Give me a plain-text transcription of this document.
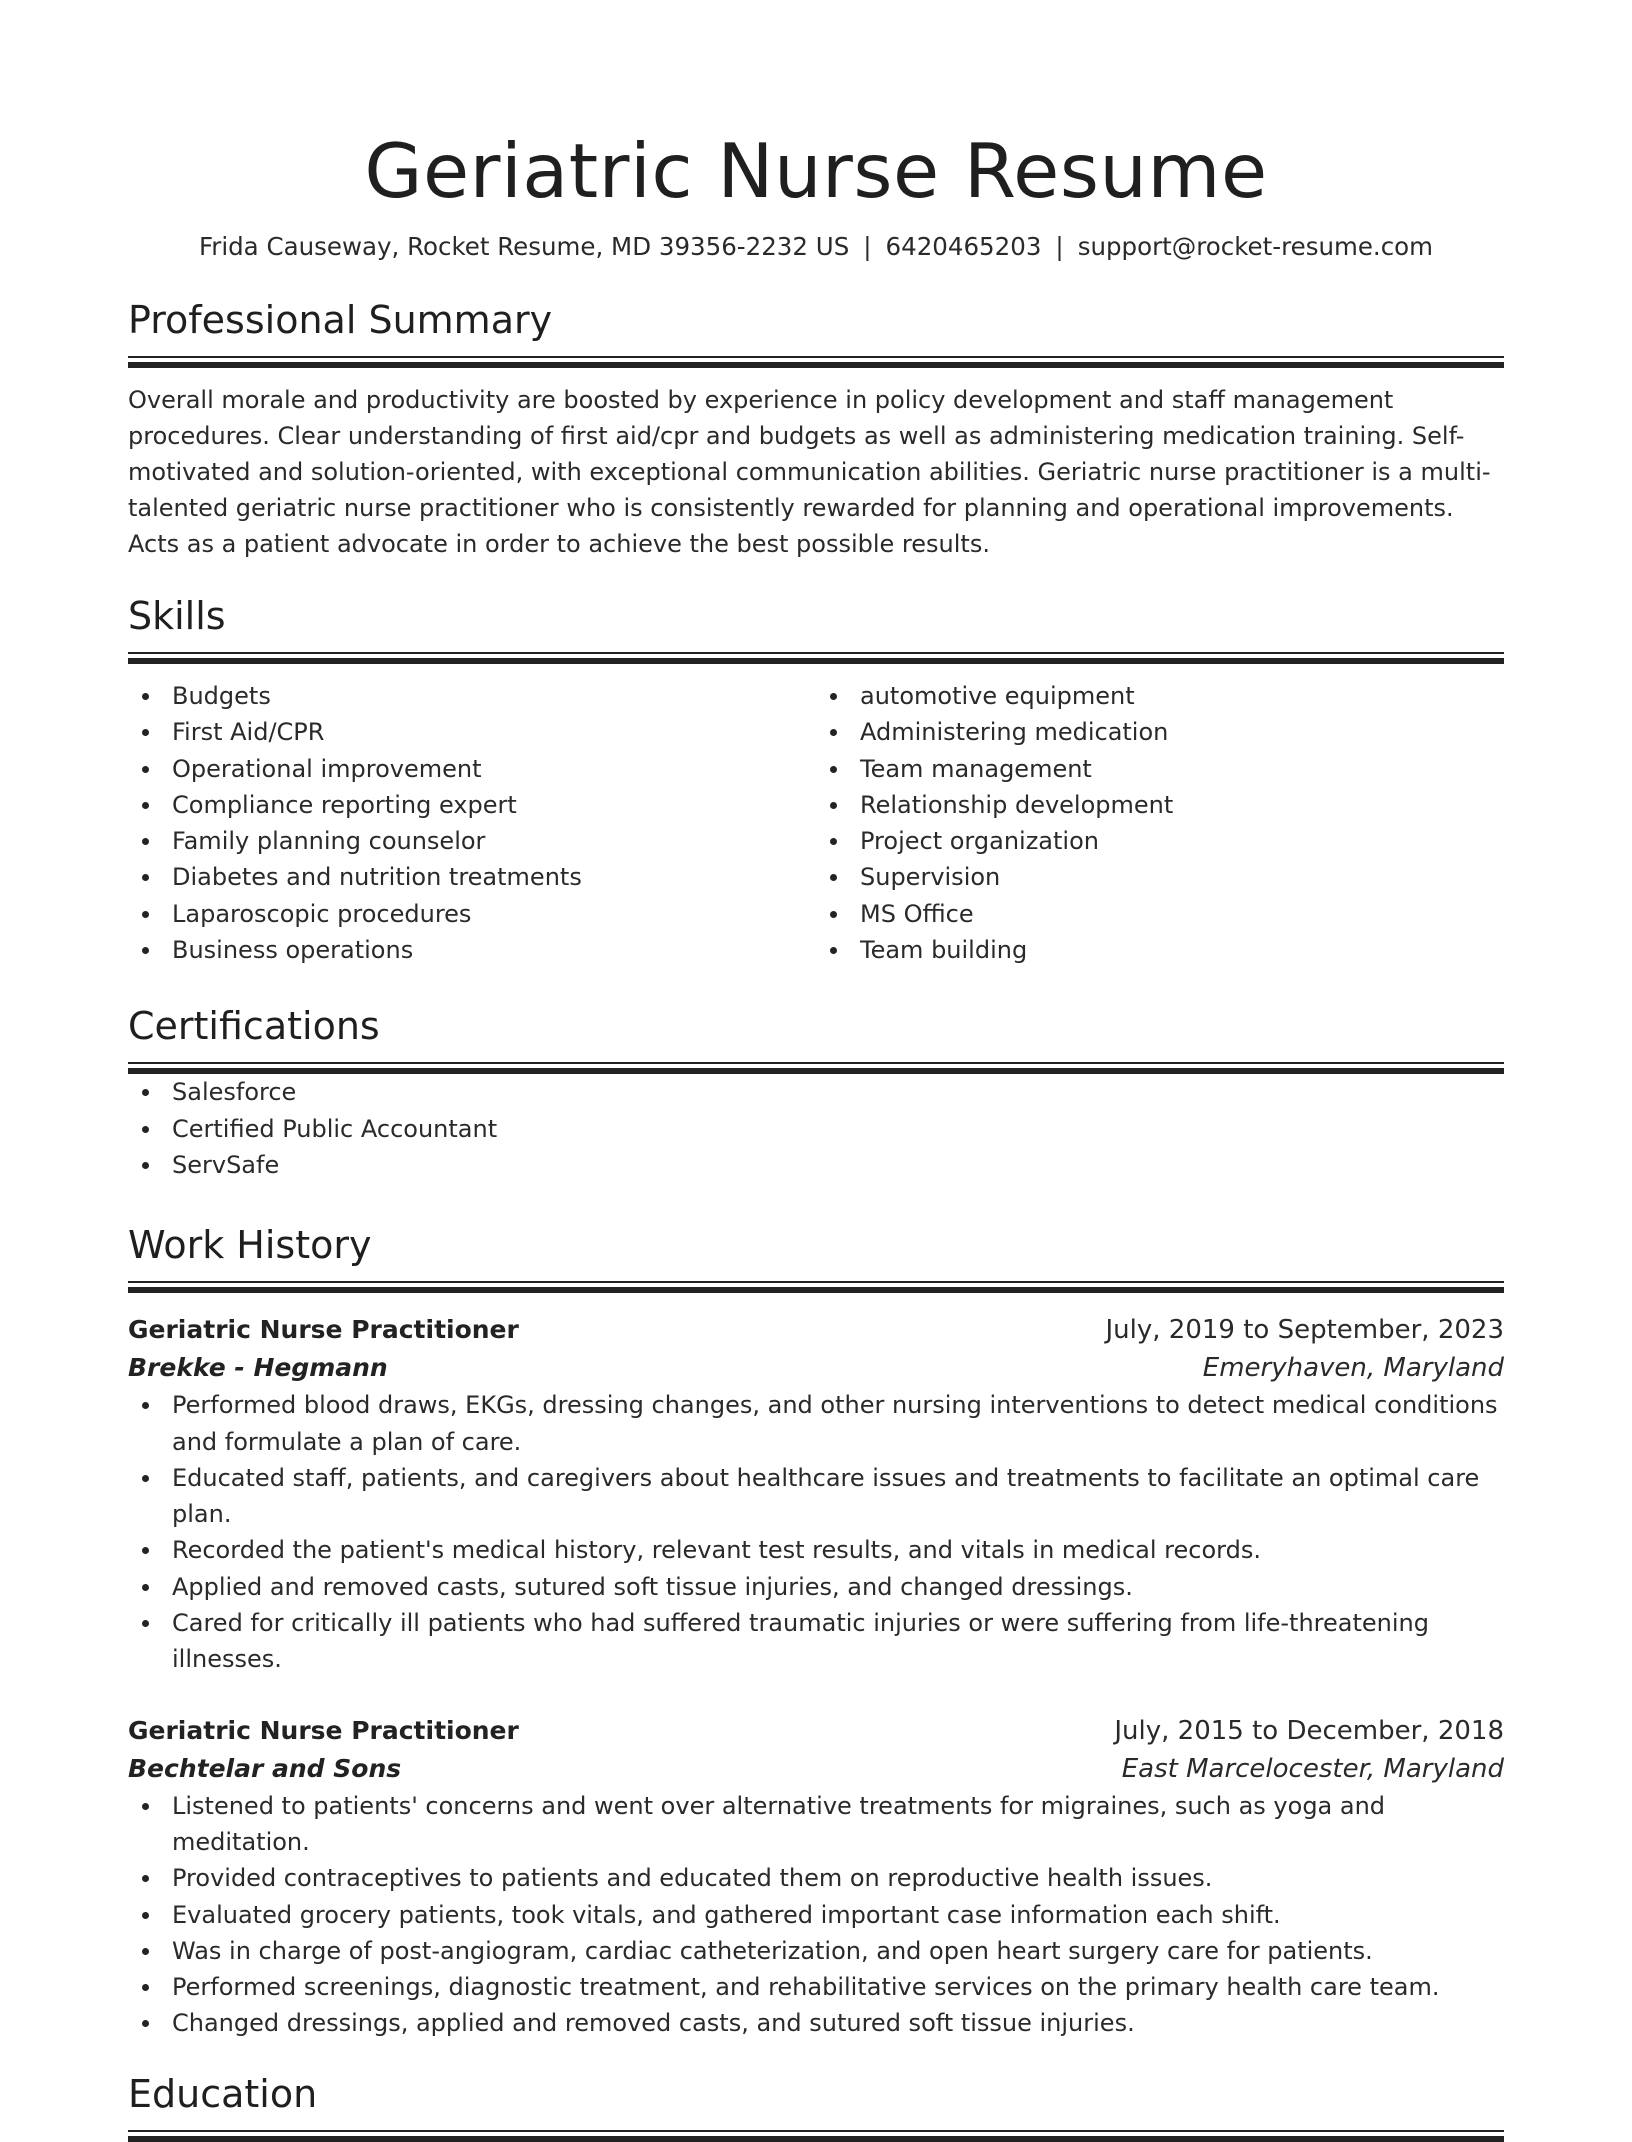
Geriatric Nurse Resume
Frida Causeway, Rocket Resume, MD 39356-2232 US | 6420465203 | support@rocket-resume.com
Professional Summary

Overall morale and productivity are boosted by experience in policy development and staff management procedures. Clear understanding of first aid/cpr and budgets as well as administering medication training. Self-motivated and solution-oriented, with exceptional communication abilities. Geriatric nurse practitioner is a multi-talented geriatric nurse practitioner who is consistently rewarded for planning and operational improvements. Acts as a patient advocate in order to achieve the best possible results.

Skills
Budgets
First Aid/CPR
Operational improvement
Compliance reporting expert
Family planning counselor
Diabetes and nutrition treatments
Laparoscopic procedures
Business operations
automotive equipment
Administering medication
Team management
Relationship development
Project organization
Supervision
MS Office
Team building
Certifications
Salesforce
Certified Public Accountant
ServSafe
Work History
Geriatric Nurse Practitioner	July, 2019 to September, 2023
Brekke - Hegmann	Emeryhaven, Maryland
Performed blood draws, EKGs, dressing changes, and other nursing interventions to detect medical conditions and formulate a plan of care.
Educated staff, patients, and caregivers about healthcare issues and treatments to facilitate an optimal care plan.
Recorded the patient's medical history, relevant test results, and vitals in medical records.
Applied and removed casts, sutured soft tissue injuries, and changed dressings.
Cared for critically ill patients who had suffered traumatic injuries or were suffering from life-threatening illnesses.
Geriatric Nurse Practitioner	July, 2015 to December, 2018
Bechtelar and Sons	East Marcelocester, Maryland
Listened to patients' concerns and went over alternative treatments for migraines, such as yoga and meditation.
Provided contraceptives to patients and educated them on reproductive health issues.
Evaluated grocery patients, took vitals, and gathered important case information each shift.
Was in charge of post-angiogram, cardiac catheterization, and open heart surgery care for patients.
Performed screenings, diagnostic treatment, and rehabilitative services on the primary health care team.
Changed dressings, applied and removed casts, and sutured soft tissue injuries.
Education
